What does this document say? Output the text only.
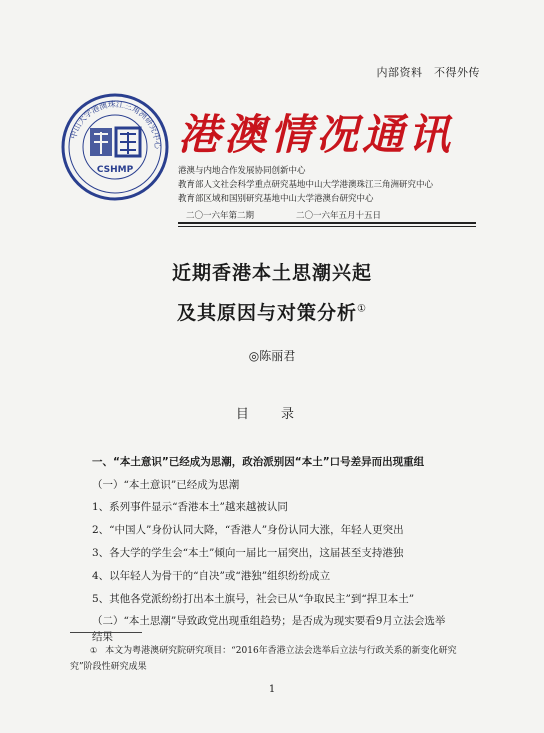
内部资料　不得外传
中山大学港澳珠江三角洲研究中心
CSHMP
港澳情况通讯
港澳与内地合作发展协同创新中心
教育部人文社会科学重点研究基地中山大学港澳珠江三角洲研究中心
教育部区域和国别研究基地中山大学港澳台研究中心
二〇一六年第二期	二〇一六年五月十五日
近期香港本土思潮兴起
及其原因与对策分析①
◎陈丽君
目 录
一、“本土意识”已经成为思潮，政治派别因“本土”口号差异而出现重组
（一）“本土意识”已经成为思潮
1、系列事件显示“香港本土”越来越被认同
2、“中国人”身份认同大降，“香港人”身份认同大涨，年轻人更突出
3、各大学的学生会“本土”倾向一届比一届突出，这届甚至支持港独
4、以年轻人为骨干的“自决”或“港独”组织纷纷成立
5、其他各党派纷纷打出本土旗号，社会已从“争取民主”到“捍卫本土”
（二）“本土思潮”导致政党出现重组趋势；是否成为现实要看9月立法会选举
结果
① 本文为粤港澳研究院研究项目：“2016年香港立法会选举后立法与行政关系的新变化研究
究”阶段性研究成果
1
